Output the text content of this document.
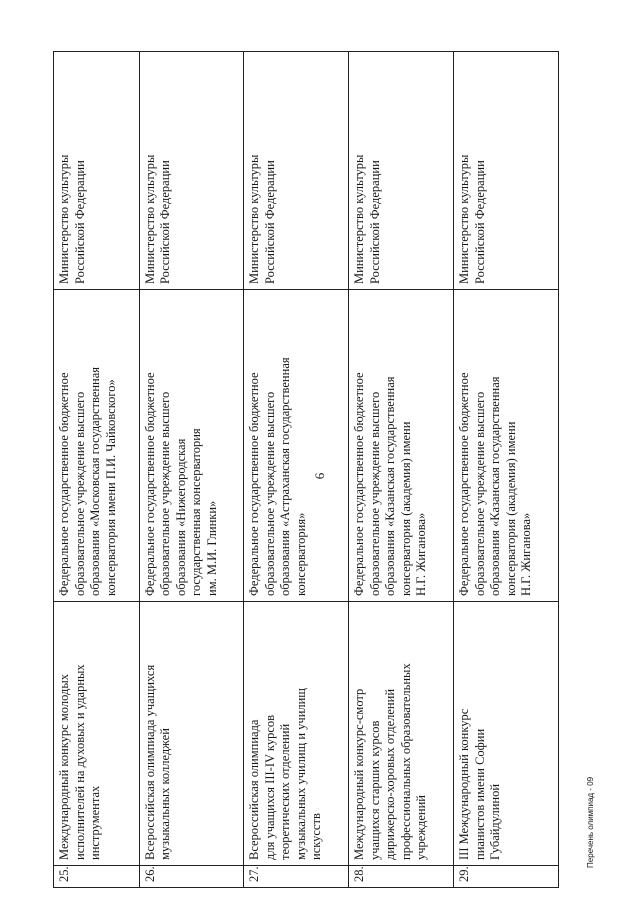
6
25.	Международный конкурс молодых
исполнителей на духовых и ударных
инструментах	Федеральное государственное бюджетное
образовательное учреждение высшего
образования «Московская государственная
консерватория имени П.И. Чайковского»	Министерство культуры
Российской Федерации
26.	Всероссийская олимпиада учащихся
музыкальных колледжей	Федеральное государственное бюджетное
образовательное учреждение высшего
образования «Нижегородская
государственная консерватория
им. М.И. Глинки»	Министерство культуры
Российской Федерации
27.	Всероссийская олимпиада
для учащихся III-IV курсов
теоретических отделений
музыкальных училищ и училищ
искусств	Федеральное государственное бюджетное
образовательное учреждение высшего
образования «Астраханская государственная
консерватория»	Министерство культуры
Российской Федерации
28.	Международный конкурс-смотр
учащихся старших курсов
дирижерско-хоровых отделений
профессиональных образовательных
учреждений	Федеральное государственное бюджетное
образовательное учреждение высшего
образования «Казанская государственная
консерватория (академия) имени
Н.Г. Жиганова»	Министерство культуры
Российской Федерации
29.	III Международный конкурс
пианистов имени Софии
Губайдулиной	Федеральное государственное бюджетное
образовательное учреждение высшего
образования «Казанская государственная
консерватория (академия) имени
Н.Г. Жиганова»	Министерство культуры
Российской Федерации
Перечень олимпиад - 09
